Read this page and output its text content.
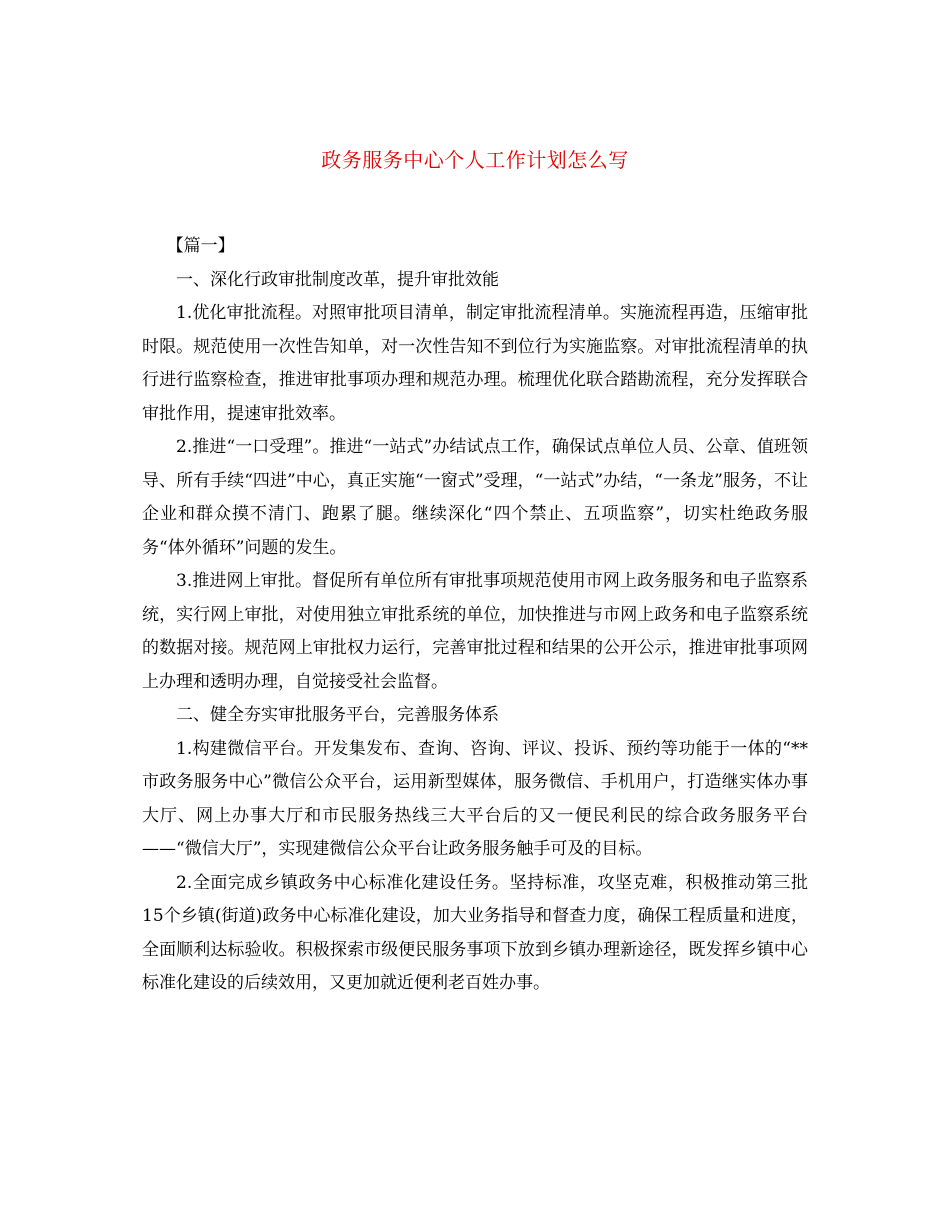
政务服务中心个人工作计划怎么写

【篇一】

一、深化行政审批制度改革，提升审批效能

1.优化审批流程。对照审批项目清单，制定审批流程清单。实施流程再造，压缩审批时限。规范使用一次性告知单，对一次性告知不到位行为实施监察。对审批流程清单的执行进行监察检查，推进审批事项办理和规范办理。梳理优化联合踏勘流程，充分发挥联合审批作用，提速审批效率。

2.推进“一口受理”。推进“一站式”办结试点工作，确保试点单位人员、公章、值班领导、所有手续“四进”中心，真正实施“一窗式”受理，“一站式”办结，“一条龙”服务，不让企业和群众摸不清门、跑累了腿。继续深化“四个禁止、五项监察”，切实杜绝政务服务“体外循环”问题的发生。

3.推进网上审批。督促所有单位所有审批事项规范使用市网上政务服务和电子监察系统，实行网上审批，对使用独立审批系统的单位，加快推进与市网上政务和电子监察系统的数据对接。规范网上审批权力运行，完善审批过程和结果的公开公示，推进审批事项网上办理和透明办理，自觉接受社会监督。

二、健全夯实审批服务平台，完善服务体系

1.构建微信平台。开发集发布、查询、咨询、评议、投诉、预约等功能于一体的“**市政务服务中心”微信公众平台，运用新型媒体，服务微信、手机用户，打造继实体办事大厅、网上办事大厅和市民服务热线三大平台后的又一便民利民的综合政务服务平台——“微信大厅”，实现建微信公众平台让政务服务触手可及的目标。

2.全面完成乡镇政务中心标准化建设任务。坚持标准，攻坚克难，积极推动第三批15个乡镇(街道)政务中心标准化建设，加大业务指导和督查力度，确保工程质量和进度，全面顺利达标验收。积极探索市级便民服务事项下放到乡镇办理新途径，既发挥乡镇中心标准化建设的后续效用，又更加就近便利老百姓办事。
